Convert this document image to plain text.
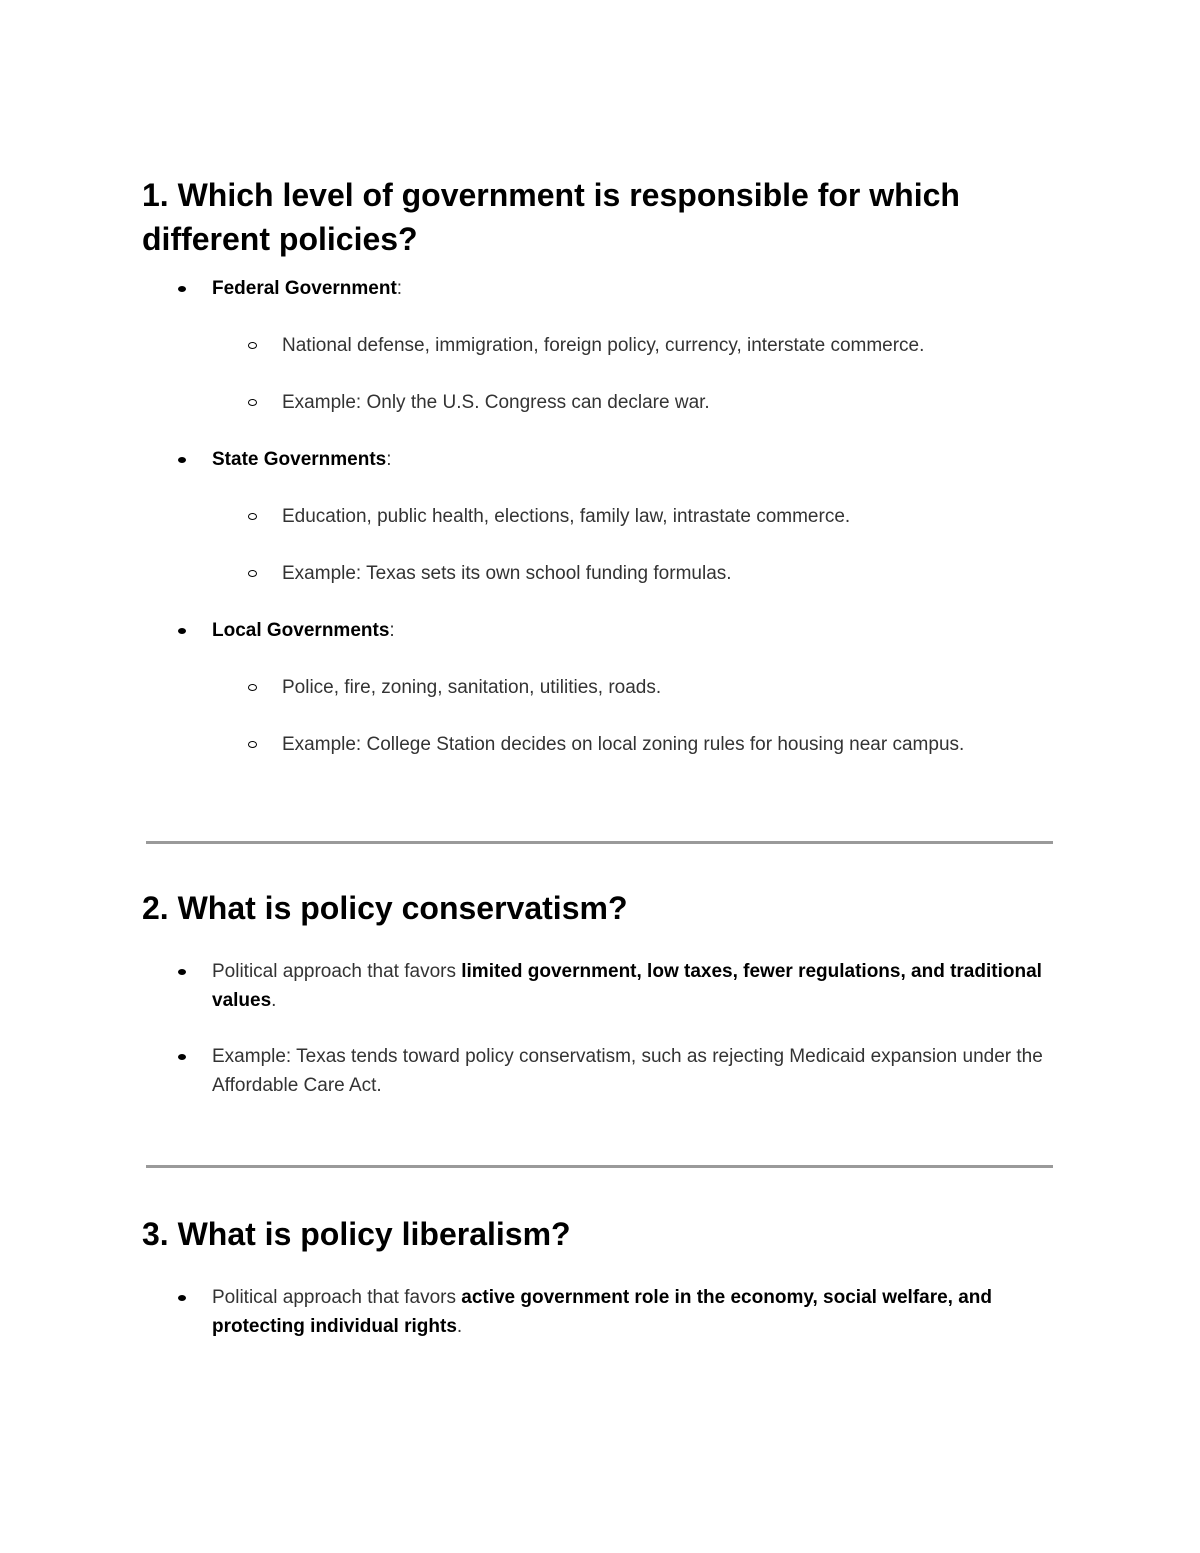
1. Which level of government is responsible for which different policies?
Federal Government:
National defense, immigration, foreign policy, currency, interstate commerce.
Example: Only the U.S. Congress can declare war.
State Governments:
Education, public health, elections, family law, intrastate commerce.
Example: Texas sets its own school funding formulas.
Local Governments:
Police, fire, zoning, sanitation, utilities, roads.
Example: College Station decides on local zoning rules for housing near campus.
2. What is policy conservatism?
Political approach that favors limited government, low taxes, fewer regulations, and traditional values.
Example: Texas tends toward policy conservatism, such as rejecting Medicaid expansion under the Affordable Care Act.
3. What is policy liberalism?
Political approach that favors active government role in the economy, social welfare, and protecting individual rights.
